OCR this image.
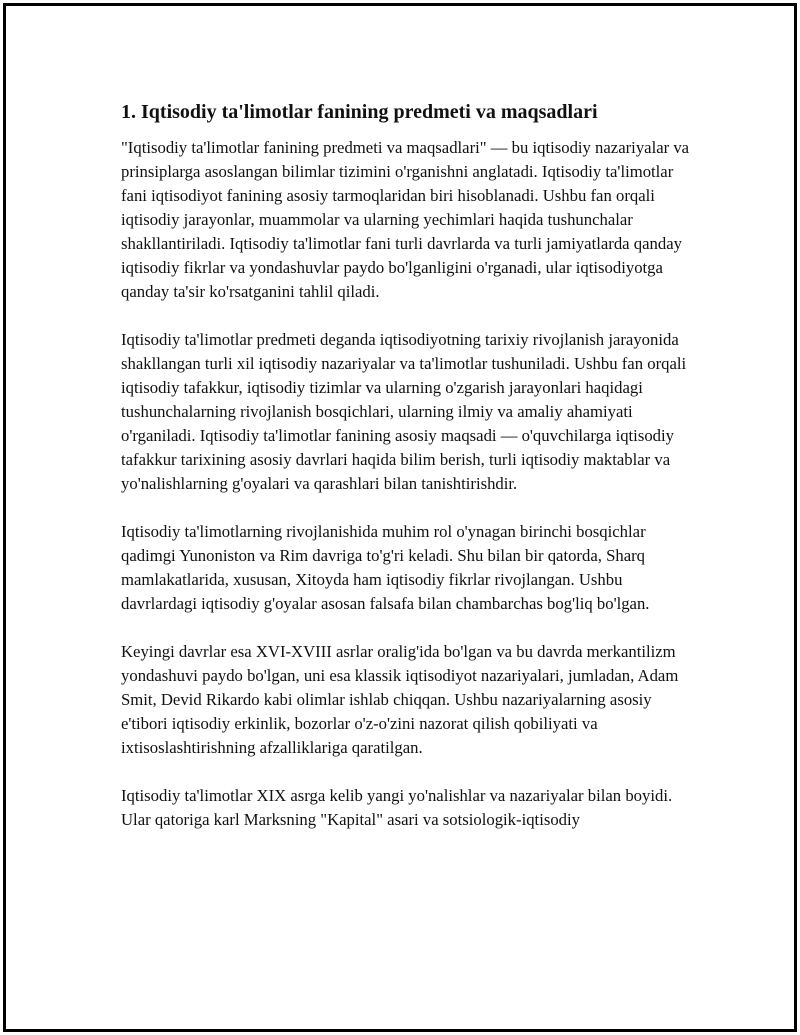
1. Iqtisodiy ta'limotlar fanining predmeti va maqsadlari

"Iqtisodiy ta'limotlar fanining predmeti va maqsadlari" — bu iqtisodiy nazariyalar va prinsiplarga asoslangan bilimlar tizimini o'rganishni anglatadi. Iqtisodiy ta'limotlar fani iqtisodiyot fanining asosiy tarmoqlaridan biri hisoblanadi. Ushbu fan orqali iqtisodiy jarayonlar, muammolar va ularning yechimlari haqida tushunchalar shakllantiriladi. Iqtisodiy ta'limotlar fani turli davrlarda va turli jamiyatlarda qanday iqtisodiy fikrlar va yondashuvlar paydo bo'lganligini o'rganadi, ular iqtisodiyotga qanday ta'sir ko'rsatganini tahlil qiladi.

Iqtisodiy ta'limotlar predmeti deganda iqtisodiyotning tarixiy rivojlanish jarayonida shakllangan turli xil iqtisodiy nazariyalar va ta'limotlar tushuniladi. Ushbu fan orqali iqtisodiy tafakkur, iqtisodiy tizimlar va ularning o'zgarish jarayonlari haqidagi tushunchalarning rivojlanish bosqichlari, ularning ilmiy va amaliy ahamiyati o'rganiladi. Iqtisodiy ta'limotlar fanining asosiy maqsadi — o'quvchilarga iqtisodiy tafakkur tarixining asosiy davrlari haqida bilim berish, turli iqtisodiy maktablar va yo'nalishlarning g'oyalari va qarashlari bilan tanishtirishdir.

Iqtisodiy ta'limotlarning rivojlanishida muhim rol o'ynagan birinchi bosqichlar qadimgi Yunoniston va Rim davriga to'g'ri keladi. Shu bilan bir qatorda, Sharq mamlakatlarida, xususan, Xitoyda ham iqtisodiy fikrlar rivojlangan. Ushbu davrlardagi iqtisodiy g'oyalar asosan falsafa bilan chambarchas bog'liq bo'lgan.

Keyingi davrlar esa XVI-XVIII asrlar oralig'ida bo'lgan va bu davrda merkantilizm yondashuvi paydo bo'lgan, uni esa klassik iqtisodiyot nazariyalari, jumladan, Adam Smit, Devid Rikardo kabi olimlar ishlab chiqqan. Ushbu nazariyalarning asosiy e'tibori iqtisodiy erkinlik, bozorlar o'z-o'zini nazorat qilish qobiliyati va ixtisoslashtirishning afzalliklariga qaratilgan.

Iqtisodiy ta'limotlar XIX asrga kelib yangi yo'nalishlar va nazariyalar bilan boyidi. Ular qatoriga karl Marksning "Kapital" asari va sotsiologik-iqtisodiy
